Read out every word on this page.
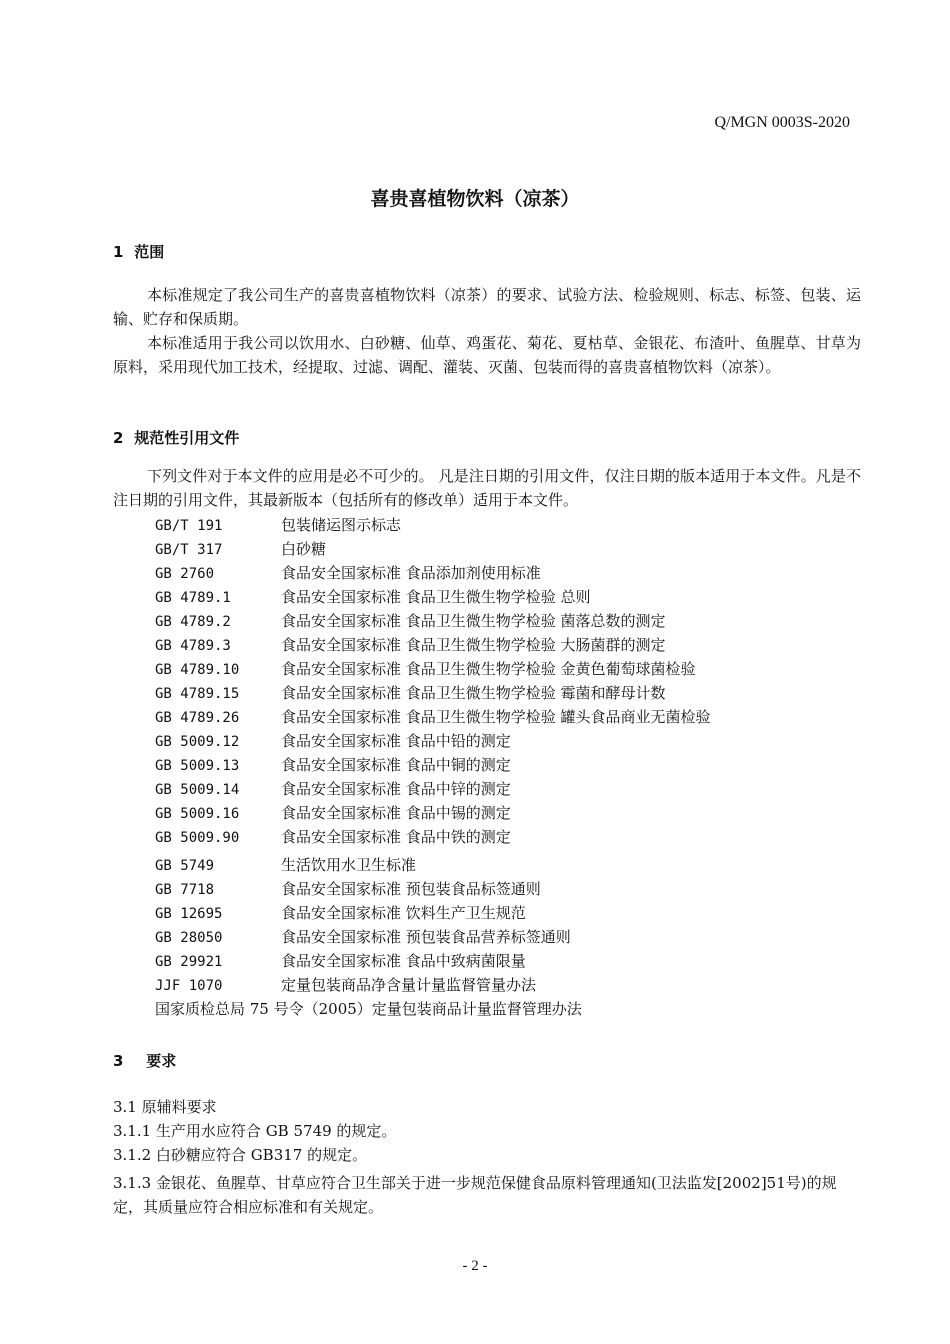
Q/MGN 0003S-2020
喜贵喜植物饮料（凉茶）
1 范围
本标准规定了我公司生产的喜贵喜植物饮料（凉茶）的要求、试验方法、检验规则、标志、标签、包装、运输、贮存和保质期。
本标准适用于我公司以饮用水、白砂糖、仙草、鸡蛋花、菊花、夏枯草、金银花、布渣叶、鱼腥草、甘草为原料，采用现代加工技术，经提取、过滤、调配、灌装、灭菌、包装而得的喜贵喜植物饮料（凉茶）。
2 规范性引用文件
下列文件对于本文件的应用是必不可少的。 凡是注日期的引用文件，仅注日期的版本适用于本文件。凡是不注日期的引用文件，其最新版本（包括所有的修改单）适用于本文件。
GB/T 191	包装储运图示标志
GB/T 317	白砂糖
GB 2760	食品安全国家标准 食品添加剂使用标准
GB 4789.1	食品安全国家标准 食品卫生微生物学检验 总则
GB 4789.2	食品安全国家标准 食品卫生微生物学检验 菌落总数的测定
GB 4789.3	食品安全国家标准 食品卫生微生物学检验 大肠菌群的测定
GB 4789.10	食品安全国家标准 食品卫生微生物学检验 金黄色葡萄球菌检验
GB 4789.15	食品安全国家标准 食品卫生微生物学检验 霉菌和酵母计数
GB 4789.26	食品安全国家标准 食品卫生微生物学检验 罐头食品商业无菌检验
GB 5009.12	食品安全国家标准 食品中铅的测定
GB 5009.13	食品安全国家标准 食品中铜的测定
GB 5009.14	食品安全国家标准 食品中锌的测定
GB 5009.16	食品安全国家标准 食品中锡的测定
GB 5009.90	食品安全国家标准 食品中铁的测定
GB 5749	生活饮用水卫生标准
GB 7718	食品安全国家标准 预包装食品标签通则
GB 12695	食品安全国家标准 饮料生产卫生规范
GB 28050	食品安全国家标准 预包装食品营养标签通则
GB 29921	食品安全国家标准 食品中致病菌限量
JJF 1070	定量包装商品净含量计量监督管量办法
国家质检总局 75 号令（2005）定量包装商品计量监督管理办法
3 要求
3.1 原辅料要求
3.1.1 生产用水应符合 GB 5749 的规定。
3.1.2 白砂糖应符合 GB317 的规定。
3.1.3 金银花、鱼腥草、甘草应符合卫生部关于进一步规范保健食品原料管理通知(卫法监发[2002]51号)的规定，其质量应符合相应标准和有关规定。
- 2 -
